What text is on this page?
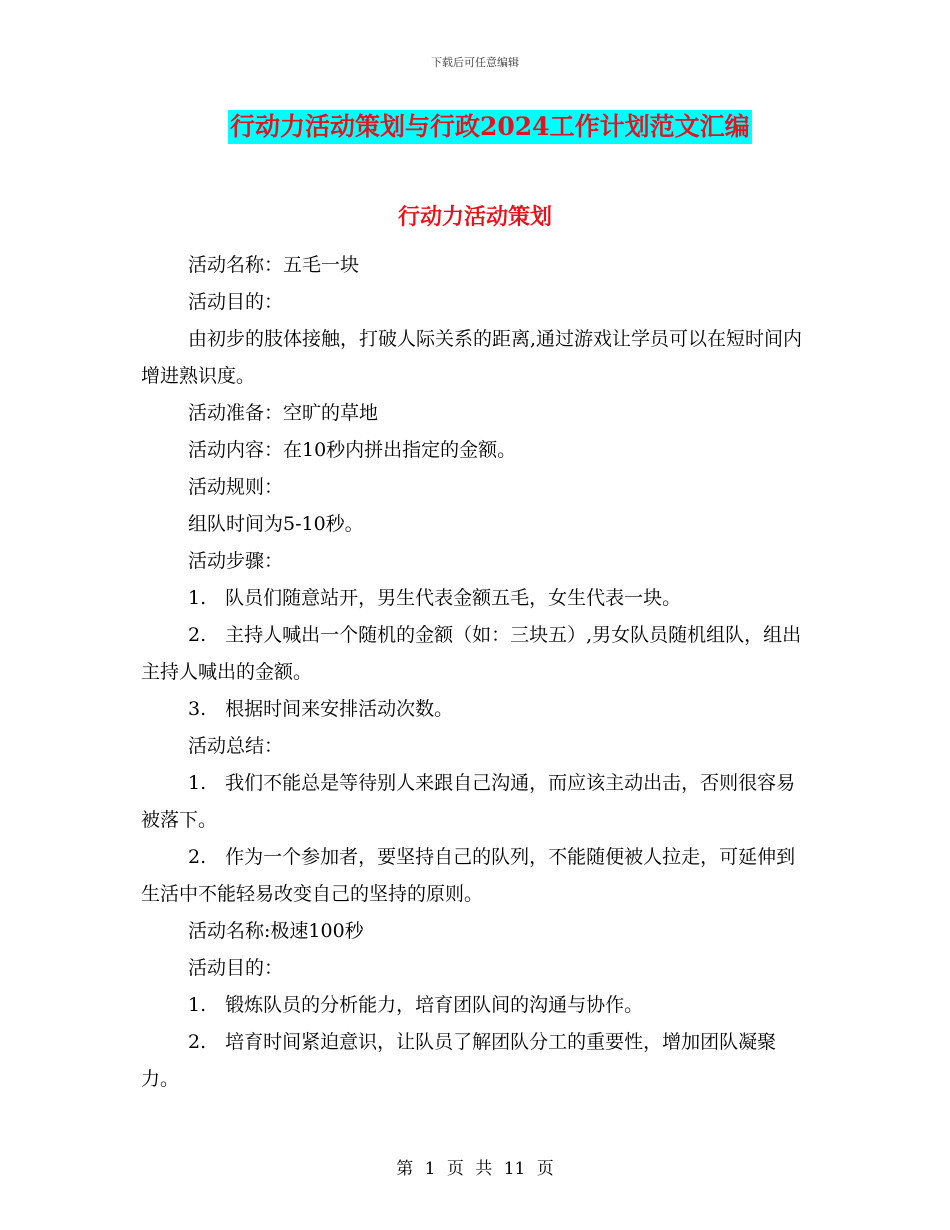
下载后可任意编辑
行动力活动策划与行政2024工作计划范文汇编
行动力活动策划

活动名称：五毛一块

活动目的：

由初步的肢体接触，打破人际关系的距离,通过游戏让学员可以在短时间内增进熟识度。

活动准备：空旷的草地

活动内容：在10秒内拼出指定的金额。

活动规则：

组队时间为5-10秒。

活动步骤：

1.　队员们随意站开，男生代表金额五毛，女生代表一块。

2.　主持人喊出一个随机的金额（如：三块五）,男女队员随机组队，组出主持人喊出的金额。

3.　根据时间来安排活动次数。

活动总结：

1.　我们不能总是等待别人来跟自己沟通，而应该主动出击，否则很容易被落下。

2.　作为一个参加者，要坚持自己的队列，不能随便被人拉走，可延伸到生活中不能轻易改变自己的坚持的原则。

活动名称:极速100秒

活动目的：

1.　锻炼队员的分析能力，培育团队间的沟通与协作。

2.　培育时间紧迫意识，让队员了解团队分工的重要性，增加团队凝聚力。

第 1 页 共 11 页
